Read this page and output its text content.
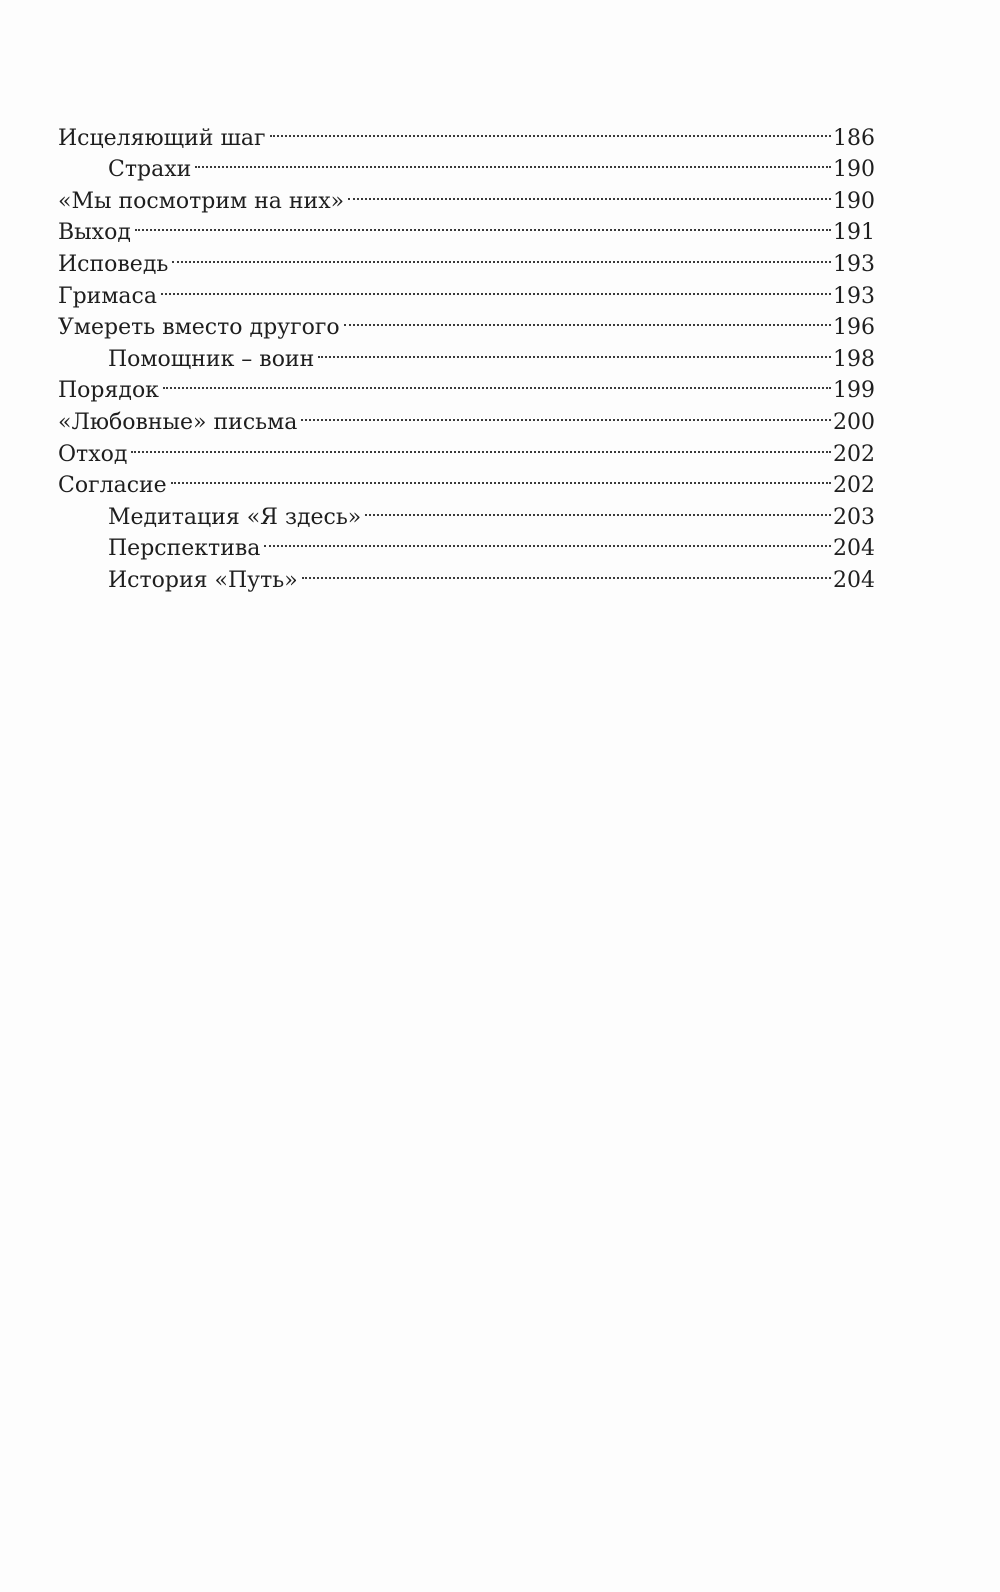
Исцеляющий шаг	186
Страхи	190
«Мы посмотрим на них»	190
Выход	191
Исповедь	193
Гримаса	193
Умереть вместо другого	196
Помощник – воин	198
Порядок	199
«Любовные» письма	200
Отход	202
Согласие	202
Медитация «Я здесь»	203
Перспектива	204
История «Путь»	204
